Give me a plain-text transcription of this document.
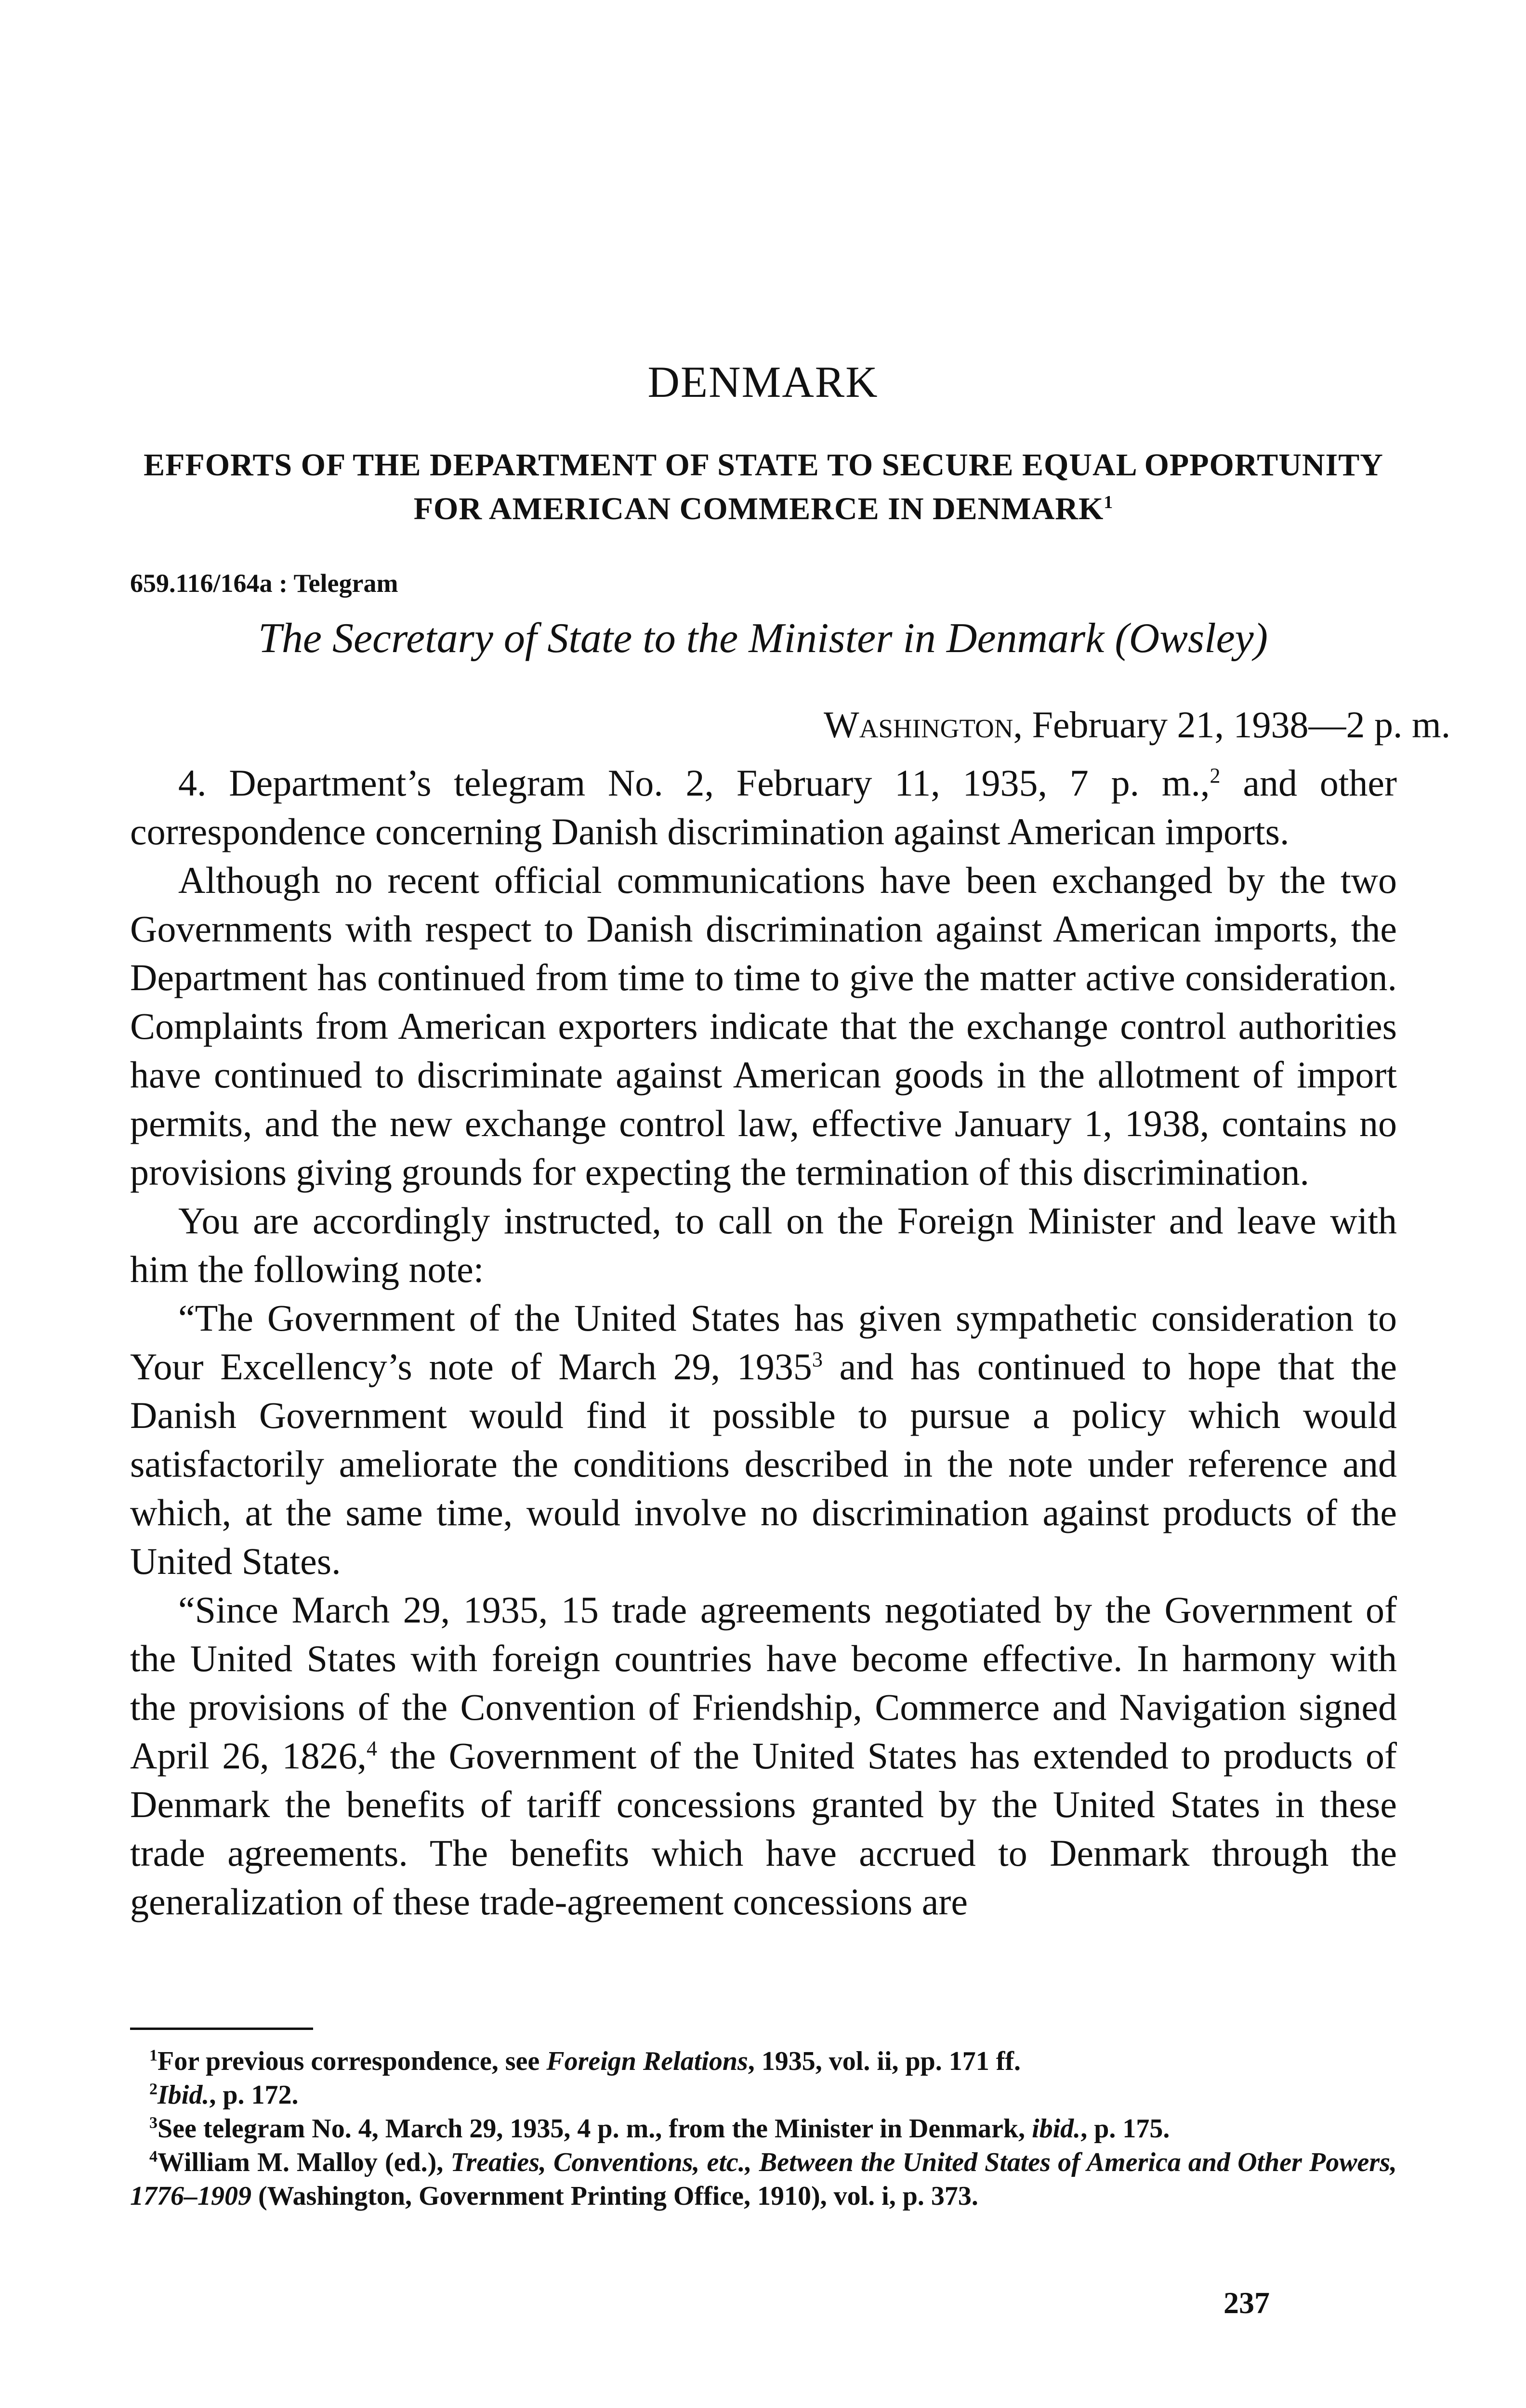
DENMARK
EFFORTS OF THE DEPARTMENT OF STATE TO SECURE EQUAL OPPORTUNITY FOR AMERICAN COMMERCE IN DENMARK$^1$
659.116/164a : Telegram
The Secretary of State to the Minister in Denmark (Owsley)
Washington, February 21, 1938—2 p. m.

4. Department’s telegram No. 2, February 11, 1935, 7 p. m.,$^2$ and other correspondence concerning Danish discrimination against American imports.

Although no recent official communications have been exchanged by the two Governments with respect to Danish discrimination against American imports, the Department has continued from time to time to give the matter active consideration. Complaints from American exporters indicate that the exchange control authorities have continued to discriminate against American goods in the allotment of import permits, and the new exchange control law, effective January 1, 1938, contains no provisions giving grounds for expecting the termination of this discrimination.

You are accordingly instructed, to call on the Foreign Minister and leave with him the following note:

“The Government of the United States has given sympathetic consideration to Your Excellency’s note of March 29, 1935$^3$ and has continued to hope that the Danish Government would find it possible to pursue a policy which would satisfactorily ameliorate the conditions described in the note under reference and which, at the same time, would involve no discrimination against products of the United States.

“Since March 29, 1935, 15 trade agreements negotiated by the Government of the United States with foreign countries have become effective. In harmony with the provisions of the Convention of Friendship, Commerce and Navigation signed April 26, 1826,$^4$ the Government of the United States has extended to products of Denmark the benefits of tariff concessions granted by the United States in these trade agreements. The benefits which have accrued to Denmark through the generalization of these trade-agreement concessions are

$^1$For previous correspondence, see Foreign Relations, 1935, vol. ii, pp. 171 ff.

$^2$Ibid., p. 172.

$^3$See telegram No. 4, March 29, 1935, 4 p. m., from the Minister in Denmark, ibid., p. 175.

$^4$William M. Malloy (ed.), Treaties, Conventions, etc., Between the United States of America and Other Powers, 1776–1909 (Washington, Government Printing Office, 1910), vol. i, p. 373.

237
